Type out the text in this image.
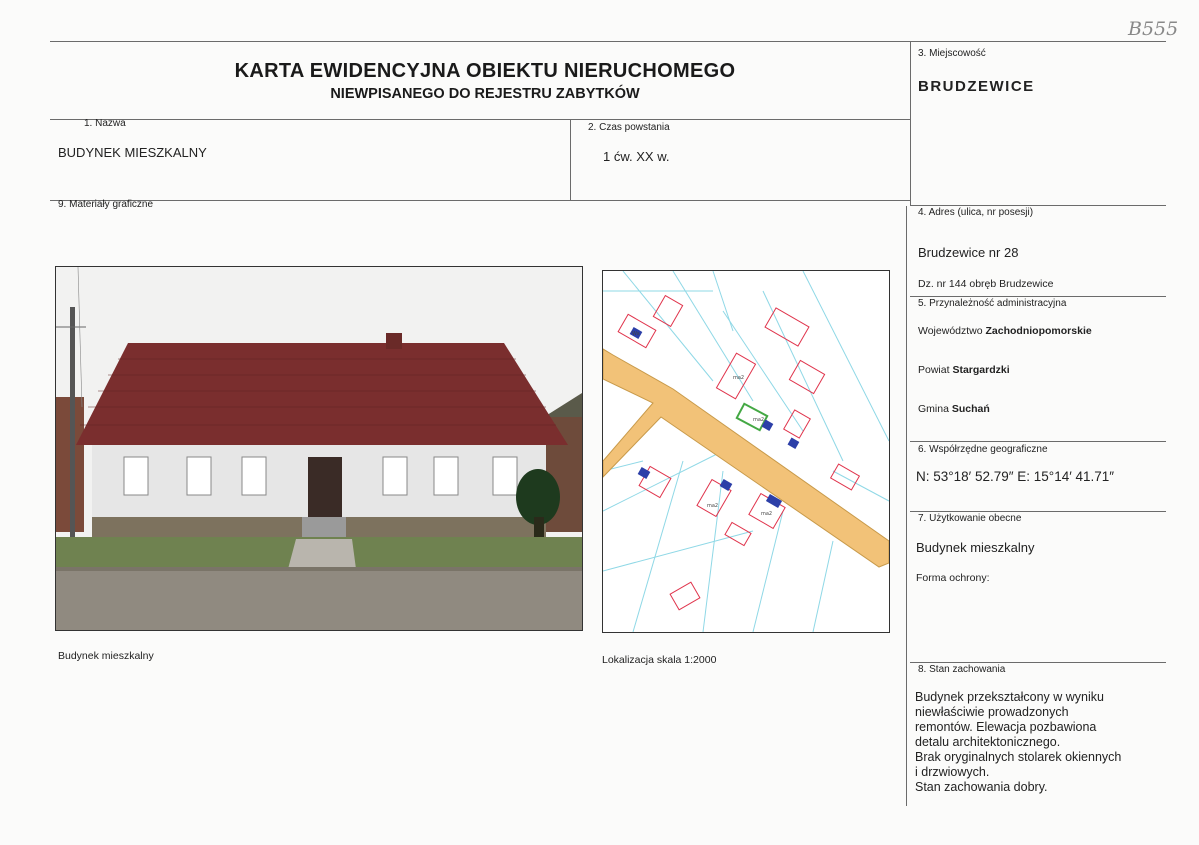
B555
KARTA EWIDENCYJNA OBIEKTU NIERUCHOMEGO
NIEWPISANEGO DO REJESTRU ZABYTKÓW
1. Nazwa
BUDYNEK MIESZKALNY
2. Czas powstania
1 ćw. XX w.
3. Miejscowość
BRUDZEWICE
4. Adres (ulica, nr posesji)
Brudzewice nr 28
Dz. nr 144 obręb Brudzewice
5. Przynależność administracyjna
Województwo Zachodniopomorskie
Powiat Stargardzki
Gmina Suchań
6. Współrzędne geograficzne
N: 53°18′ 52.79″ E: 15°14′ 41.71″
7. Użytkowanie obecne
Budynek mieszkalny
Forma ochrony:
8. Stan zachowania
Budynek przekształcony w wyniku
niewłaściwie prowadzonych
remontów. Elewacja pozbawiona
detalu architektonicznego.
Brak oryginalnych stolarek okiennych
i drzwiowych.
Stan zachowania dobry.
9. Materiały graficzne
Wa
ma2
ma2
ma2
ma2
Budynek mieszkalny	Lokalizacja skala 1:2000
